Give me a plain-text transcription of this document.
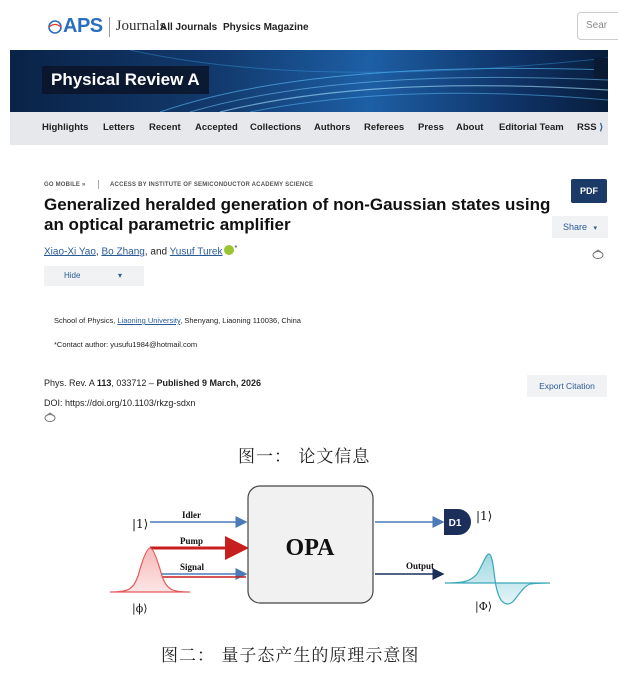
APS Journals
All Journals Physics Magazine	Sear
Physical Review A
Highlights Letters Recent Accepted Collections Authors Referees Press About Editorial Team RSS ⟩
GO MOBILE »	ACCESS BY INSTITUTE OF SEMICONDUCTOR ACADEMY SCIENCE
Generalized heralded generation of non-Gaussian states using an optical parametric amplifier
PDF
Share ▾
Xiao-Xi Yao, Bo Zhang, and Yusuf Turek *
Hide	▾
School of Physics, Liaoning University, Shenyang, Liaoning 110036, China
*Contact author: yusufu1984@hotmail.com
Phys. Rev. A 113, 033712 – Published 9 March, 2026
DOI: https://doi.org/10.1103/rkzg-sdxn
Export Citation
图一： 论文信息
Idler
Pump
Signal
|1⟩
|ϕ⟩
OPA
Output
D1
|1⟩
|Φ⟩
图二： 量子态产生的原理示意图
